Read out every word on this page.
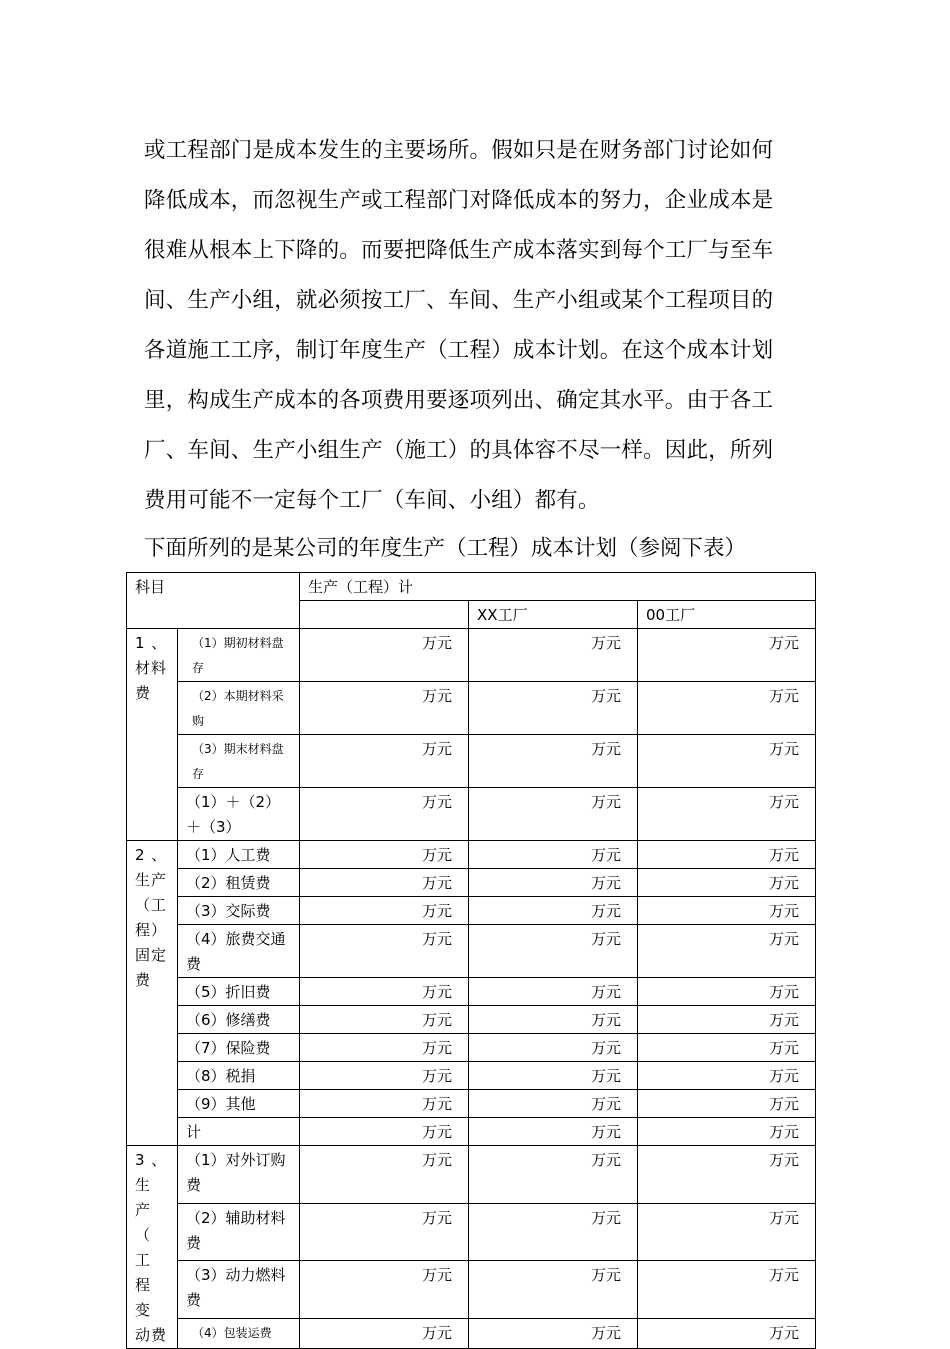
或工程部门是成本发生的主要场所。假如只是在财务部门讨论如何
降低成本，而忽视生产或工程部门对降低成本的努力，企业成本是
很难从根本上下降的。而要把降低生产成本落实到每个工厂与至车
间、生产小组，就必须按工厂、车间、生产小组或某个工程项目的
各道施工工序，制订年度生产（工程）成本计划。在这个成本计划
里，构成生产成本的各项费用要逐项列出、确定其水平。由于各工
厂、车间、生产小组生产（施工）的具体容不尽一样。因此，所列
费用可能不一定每个工厂（车间、小组）都有。
下面所列的是某公司的年度生产（工程）成本计划（参阅下表）
科目		生产（工程）计		
			XX工厂	00工厂
1 、 材料费	（1）期初材料盘存	万元	万元	万元
	（2）本期材料采购	万元	万元	万元
	（3）期末材料盘存	万元	万元	万元
	（1）＋（2）＋（3）	万元	万元	万元
2 、 生产（工程）固定费	（1）人工费	万元	万元	万元
	（2）租赁费	万元	万元	万元
	（3）交际费	万元	万元	万元
	（4）旅费交通费	万元	万元	万元
	（5）折旧费	万元	万元	万元
	（6）修缮费	万元	万元	万元
	（7）保险费	万元	万元	万元
	（8）税捐	万元	万元	万元
	（9）其他	万元	万元	万元
	计	万元	万元	万元
3 、 生 产 （ 工 程 变 动费	（1）对外订购费	万元	万元	万元
	（2）辅助材料费	万元	万元	万元
	（3）动力燃料费	万元	万元	万元
	（4）包装运费	万元	万元	万元
